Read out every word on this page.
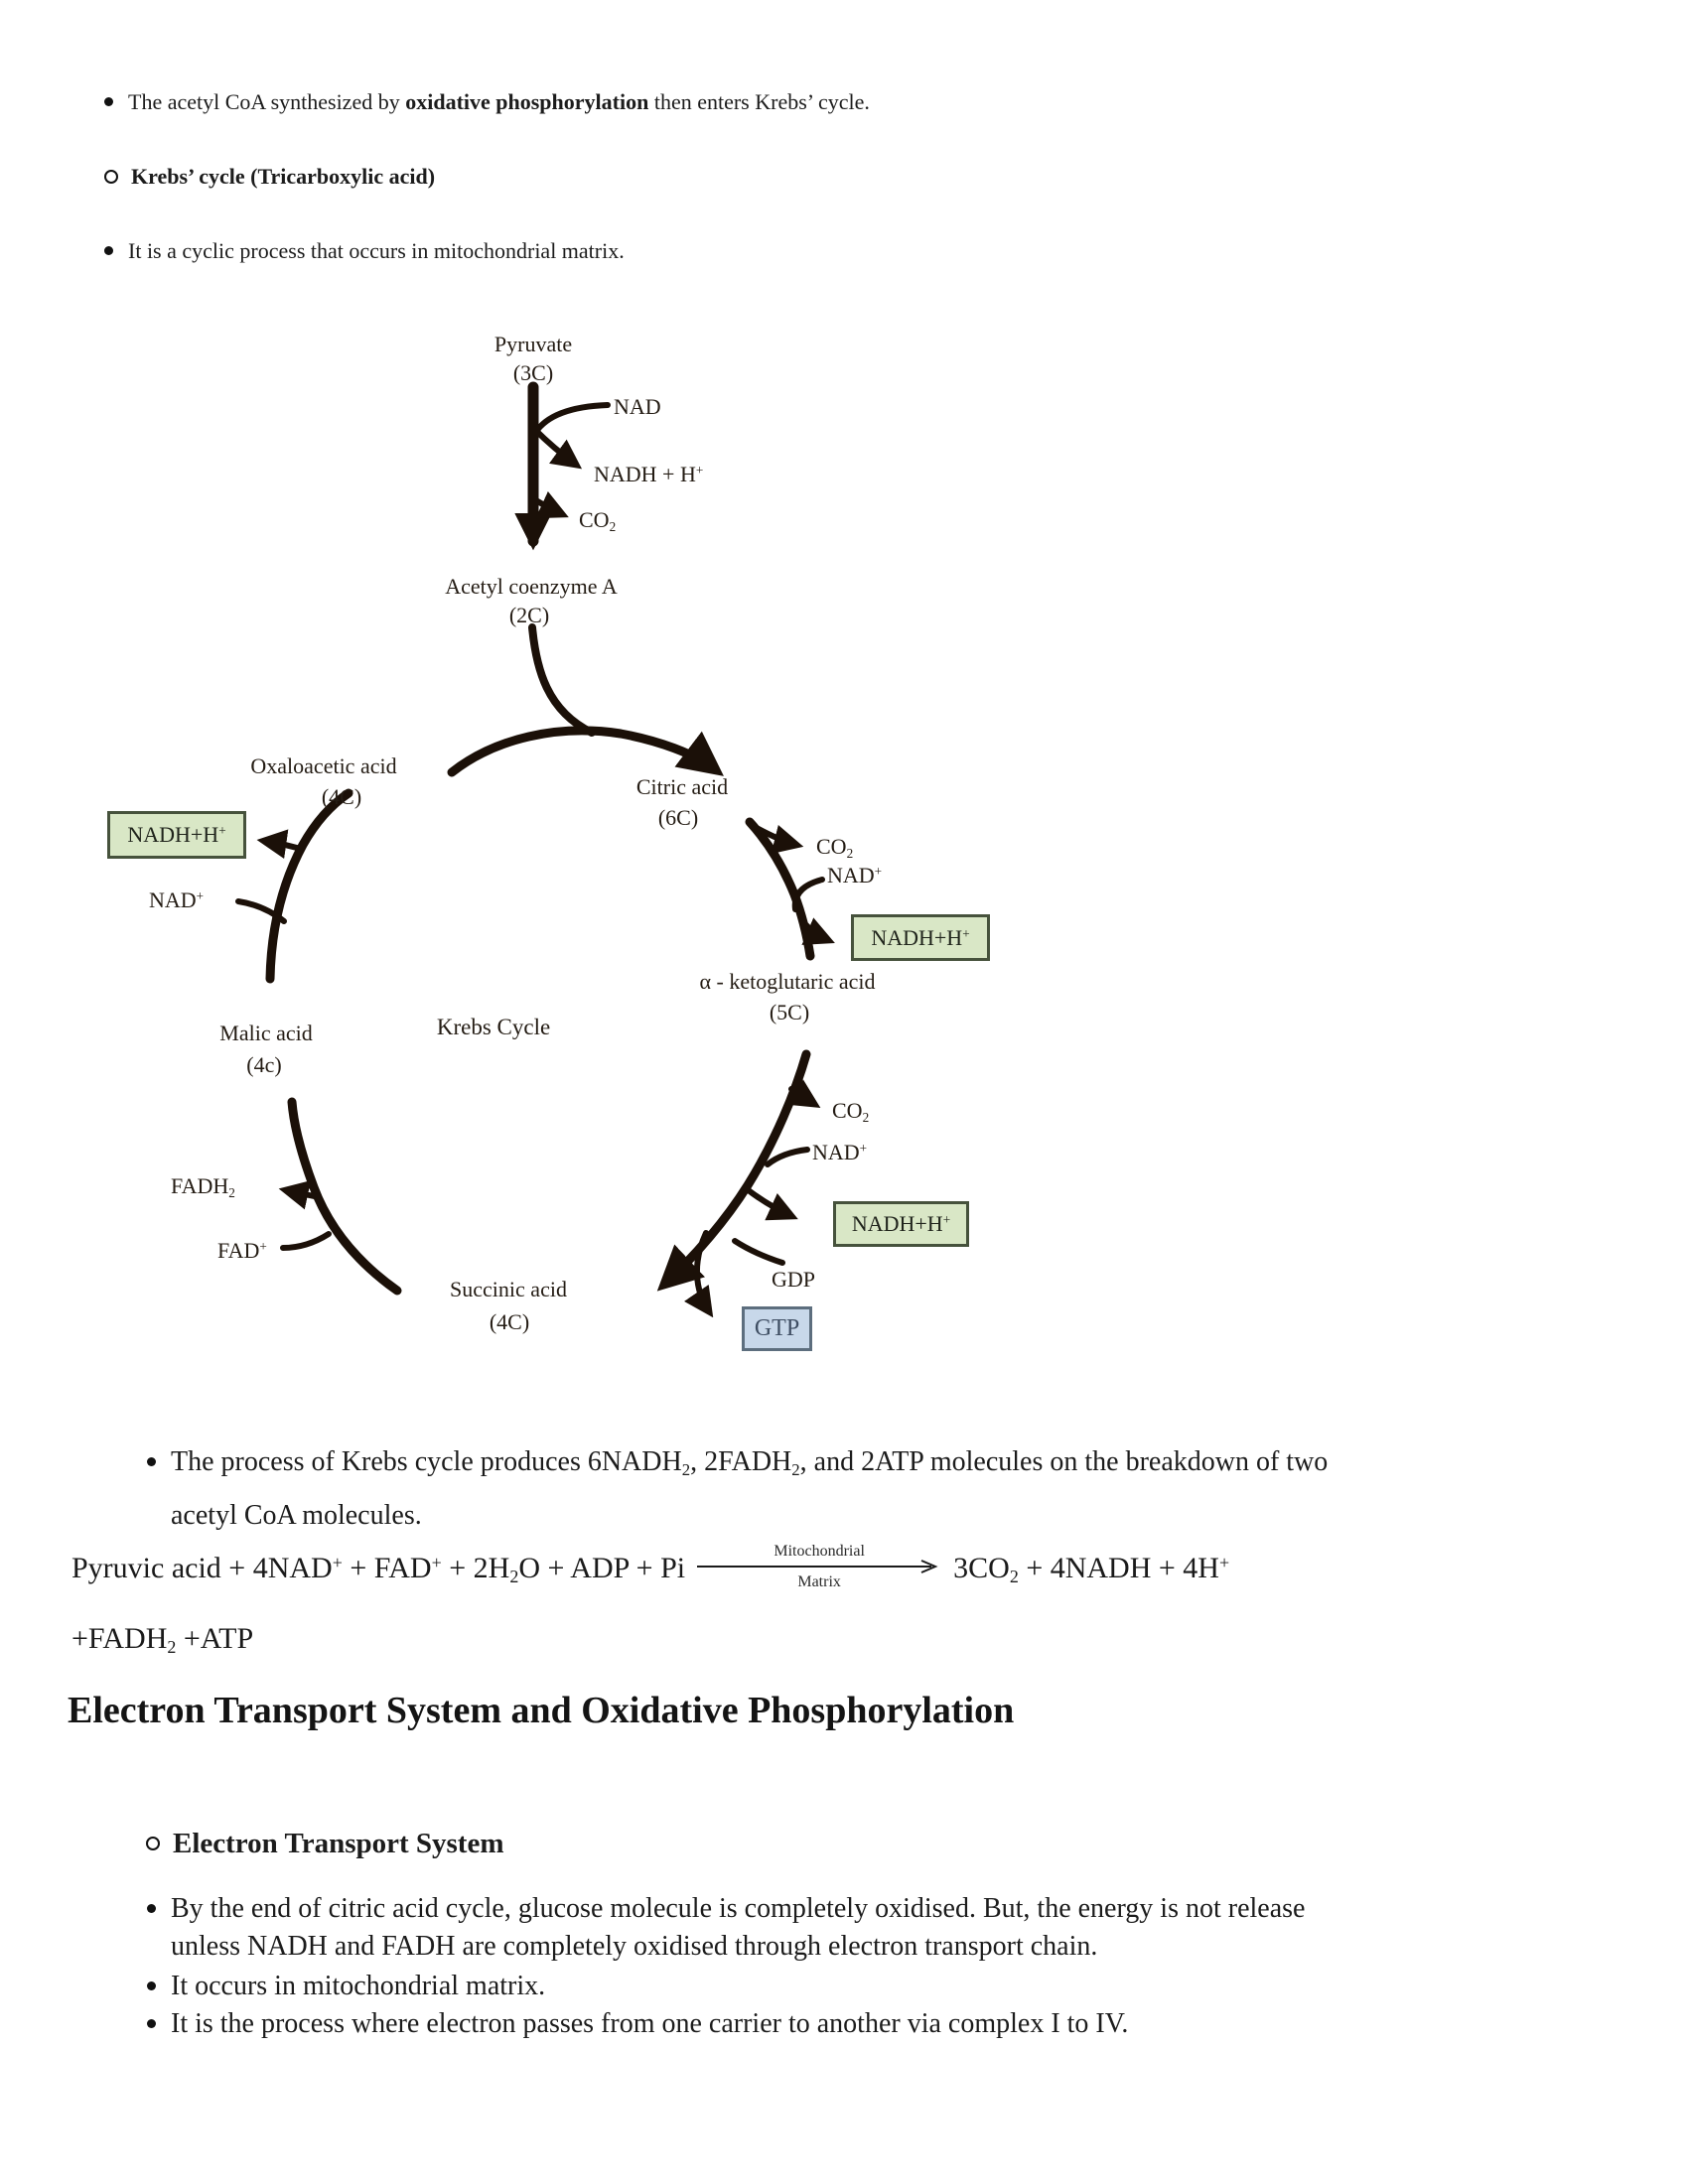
The acetyl CoA synthesized by oxidative phosphorylation then enters Krebs’ cycle.
Krebs’ cycle (Tricarboxylic acid)
It is a cyclic process that occurs in mitochondrial matrix.
Pyruvate
(3C)
NAD
NADH + H+
$CO_2$
Acetyl coenzyme A
(2C)
Oxaloacetic acid
(4C)	Citric acid
(6C)
α - ketoglutaric acid
(5C)
Succinic acid
(4C)
Malic acid
(4c)
Krebs Cycle
NAD+
$FADH_2$
FAD+
$CO_2$
NAD+
$CO_2$
NAD+
GDP
NADH+H+
NADH+H+
NADH+H+
GTP
The process of Krebs cycle produces $6NADH_2$, $2FADH_2$, and 2ATP molecules on the breakdown of two
acetyl CoA molecules.
Pyruvic acid + $4NAD^+ + FAD^+ + 2H_2O$ + ADP + Pi
Mitochondrial
Matrix	$3CO_2$ + 4NADH + 4H+
$+FADH_2 +ATP$
Electron Transport System and Oxidative Phosphorylation
Electron Transport System
By the end of citric acid cycle, glucose molecule is completely oxidised. But, the energy is not release
unless NADH and FADH are completely oxidised through electron transport chain.
It occurs in mitochondrial matrix.
It is the process where electron passes from one carrier to another via complex I to IV.
